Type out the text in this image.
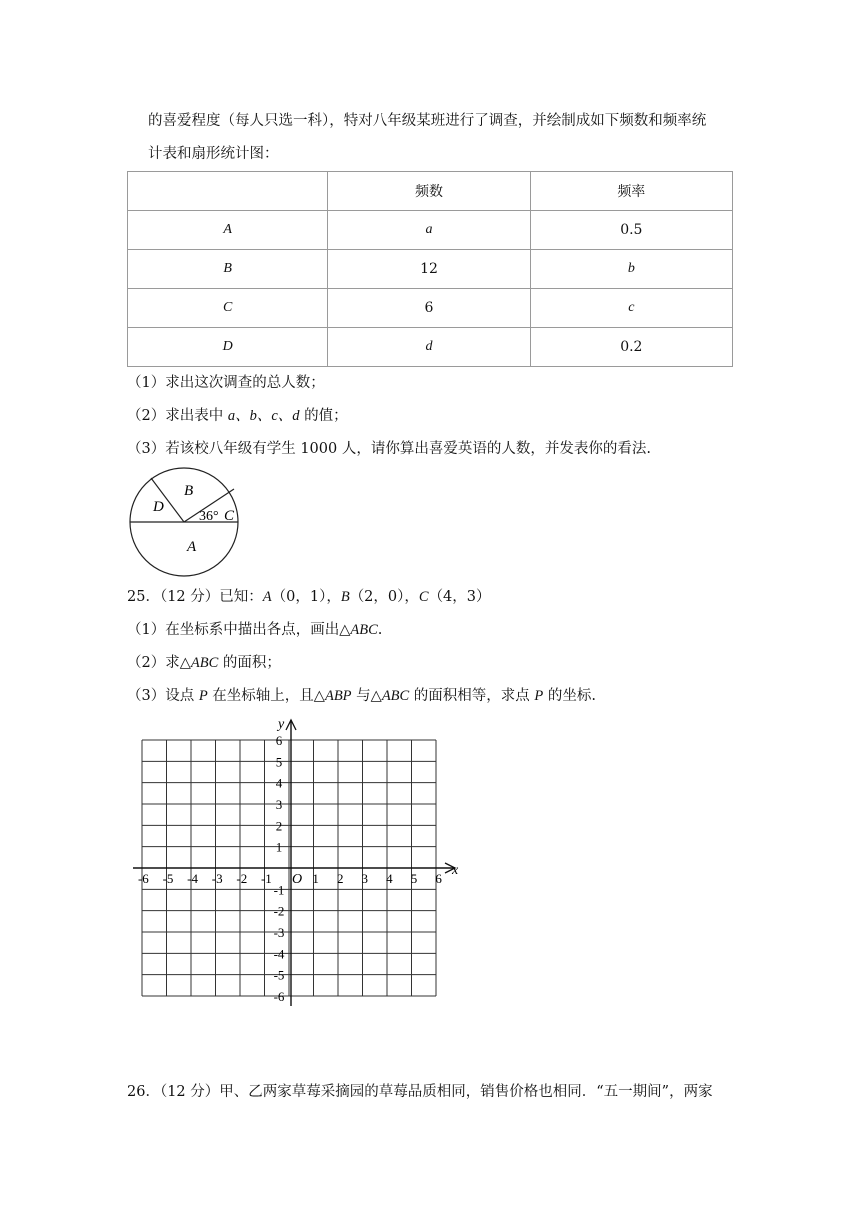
的喜爱程度（每人只选一科），特对八年级某班进行了调查，并绘制成如下频数和频率统
计表和扇形统计图：
	频数	频率
A	a	0.5
B	12	b
C	6	c
D	d	0.2
（1）求出这次调查的总人数；
（2）求出表中 a、b、c、d 的值；
（3）若该校八年级有学生 1000 人，请你算出喜爱英语的人数，并发表你的看法.
D
B
36° C
A
25．（12 分）已知：A（0，1），B（2，0），C（4，3）
（1）在坐标系中描出各点，画出△ABC.
（2）求△ABC 的面积；
（3）设点 P 在坐标轴上，且△ABP 与△ABC 的面积相等，求点 P 的坐标.
x
y
O
-6 -5 -4 -3 -2 -1	1 2 3 4 5 6
6
5
4
3
2
1
-1
-2
-3
-4
-5
-6
26．（12 分）甲、乙两家草莓采摘园的草莓品质相同，销售价格也相同．“五一期间”，两家
